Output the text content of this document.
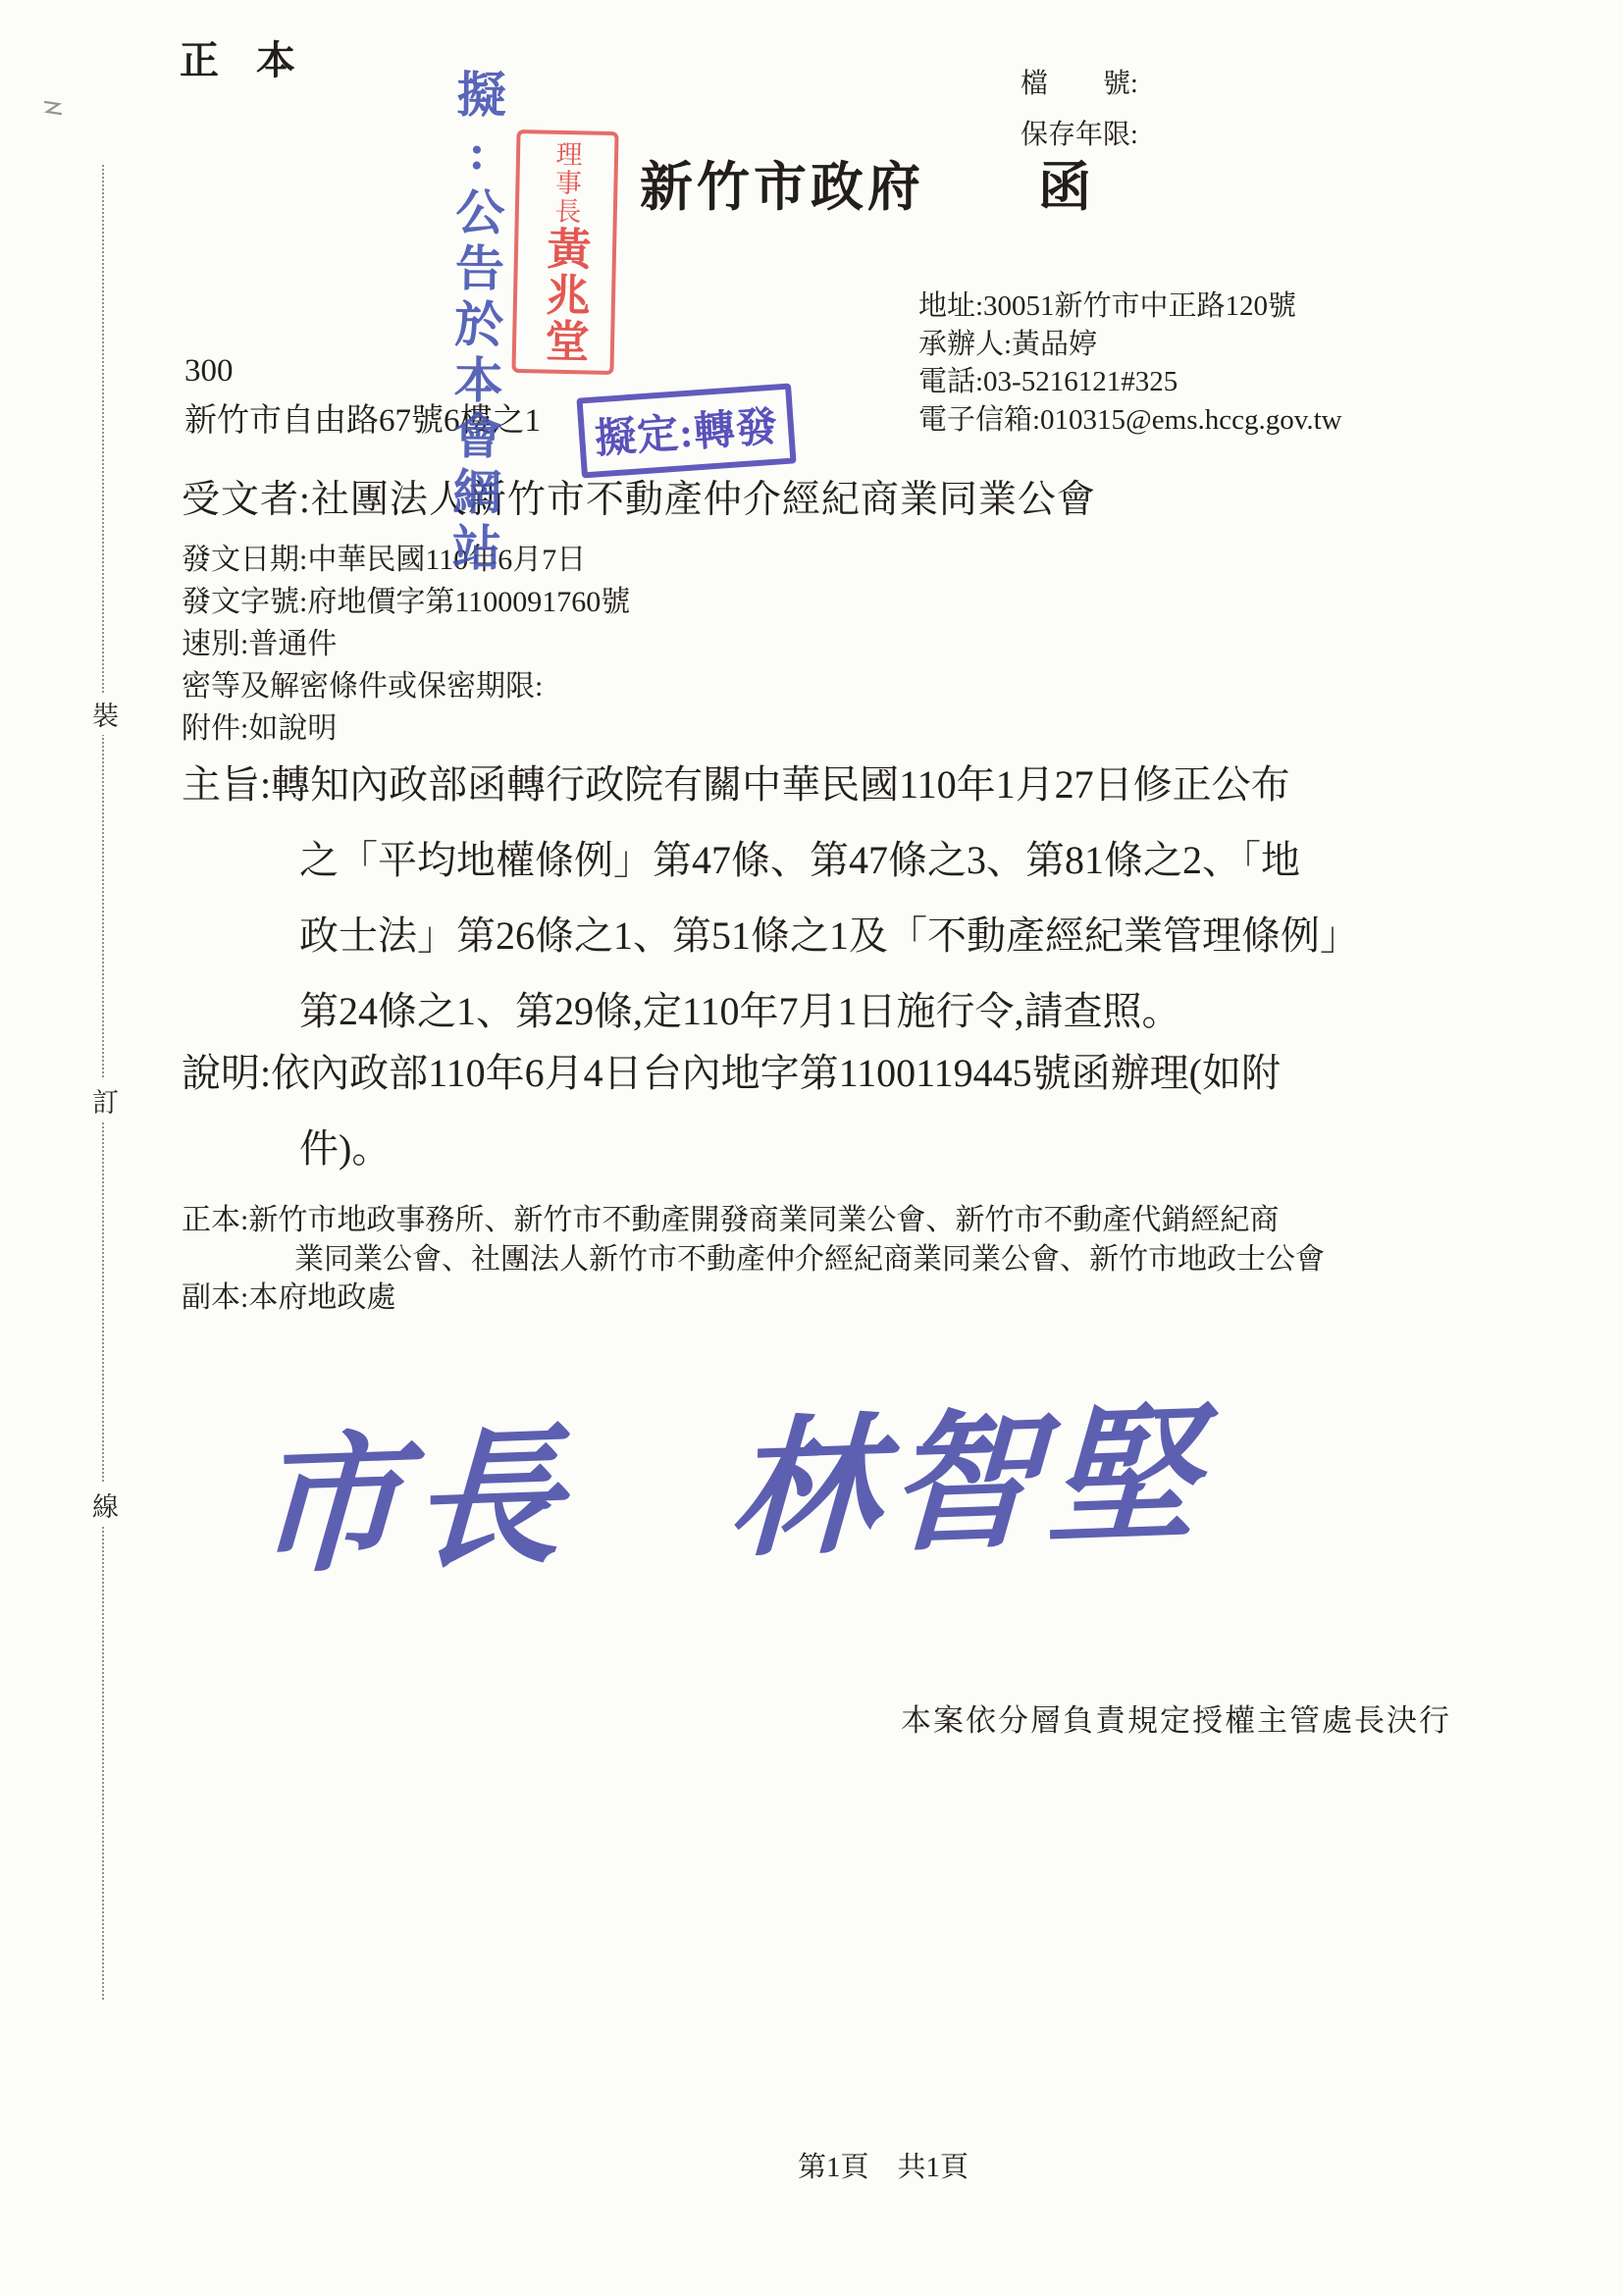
裝
訂
線
正本
檔　　號:
保存年限:
新竹市政府　　函
擬:公告於本會網站 理事長
黃兆堂
擬定:轉發
地址:30051新竹市中正路120號
承辦人:黃品婷
電話:03-5216121#325
電子信箱:010315@ems.hccg.gov.tw
300
新竹市自由路67號6樓之1
受文者:社團法人新竹市不動產仲介經紀商業同業公會
發文日期:中華民國110年6月7日
發文字號:府地價字第1100091760號
速別:普通件
密等及解密條件或保密期限:
附件:如說明
主旨:轉知內政部函轉行政院有關中華民國110年1月27日修正公布
之「平均地權條例」第47條、第47條之3、第81條之2、「地
政士法」第26條之1、第51條之1及「不動產經紀業管理條例」
第24條之1、第29條,定110年7月1日施行令,請查照。
說明:依內政部110年6月4日台內地字第1100119445號函辦理(如附
件)。
正本:新竹市地政事務所、新竹市不動產開發商業同業公會、新竹市不動產代銷經紀商
業同業公會、社團法人新竹市不動產仲介經紀商業同業公會、新竹市地政士公會
副本:本府地政處
市長　林智堅
本案依分層負責規定授權主管處長決行
第1頁　共1頁
